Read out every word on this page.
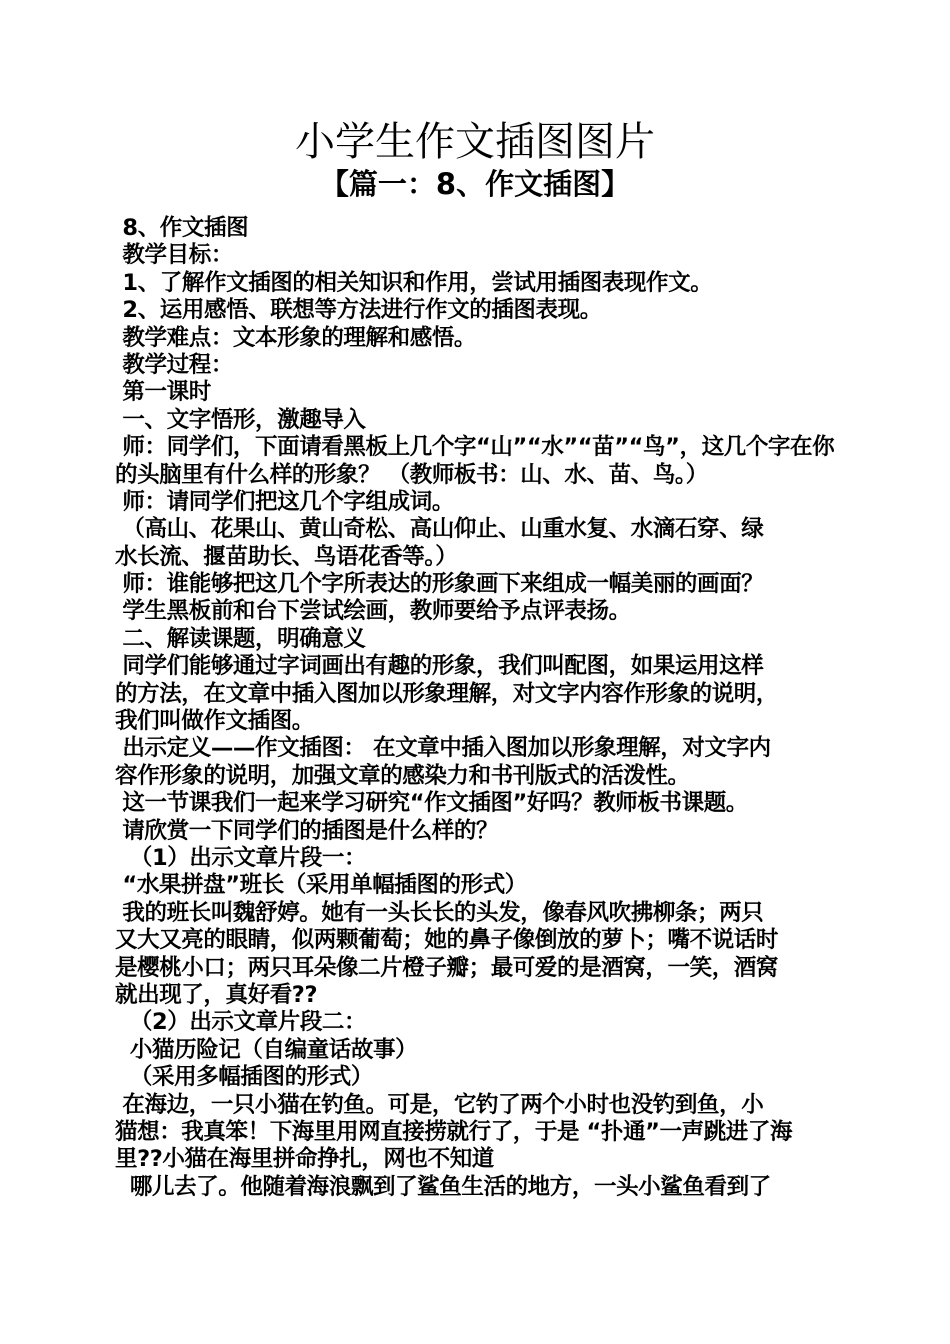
小学生作文插图图片
【篇一：8、作文插图】
8、作文插图
教学目标：
1、了解作文插图的相关知识和作用，尝试用插图表现作文。
2、运用感悟、联想等方法进行作文的插图表现。
教学难点：文本形象的理解和感悟。
教学过程：
第一课时
一、文字悟形，激趣导入
师：同学们，下面请看黑板上几个字“山”“水”“苗”“鸟”，这几个字在你
的头脑里有什么样的形象？ （教师板书：山、水、苗、鸟。）
师：请同学们把这几个字组成词。
（高山、花果山、黄山奇松、高山仰止、山重水复、水滴石穿、绿
水长流、揠苗助长、鸟语花香等。）
师：谁能够把这几个字所表达的形象画下来组成一幅美丽的画面？
学生黑板前和台下尝试绘画，教师要给予点评表扬。
二、解读课题，明确意义
同学们能够通过字词画出有趣的形象，我们叫配图，如果运用这样
的方法，在文章中插入图加以形象理解，对文字内容作形象的说明，
我们叫做作文插图。
出示定义——作文插图： 在文章中插入图加以形象理解，对文字内
容作形象的说明，加强文章的感染力和书刊版式的活泼性。
这一节课我们一起来学习研究“作文插图”好吗？教师板书课题。
请欣赏一下同学们的插图是什么样的？
（1）出示文章片段一：
“水果拼盘”班长（采用单幅插图的形式）
我的班长叫魏舒婷。她有一头长长的头发，像春风吹拂柳条；两只
又大又亮的眼睛，似两颗葡萄；她的鼻子像倒放的萝卜；嘴不说话时
是樱桃小口；两只耳朵像二片橙子瓣；最可爱的是酒窝，一笑，酒窝
就出现了，真好看??
（2）出示文章片段二：
小猫历险记（自编童话故事）
（采用多幅插图的形式）
在海边，一只小猫在钓鱼。可是，它钓了两个小时也没钓到鱼，小
猫想：我真笨！下海里用网直接捞就行了，于是 “扑通”一声跳进了海
里??小猫在海里拼命挣扎，网也不知道
哪儿去了。他随着海浪飘到了鲨鱼生活的地方，一头小鲨鱼看到了
